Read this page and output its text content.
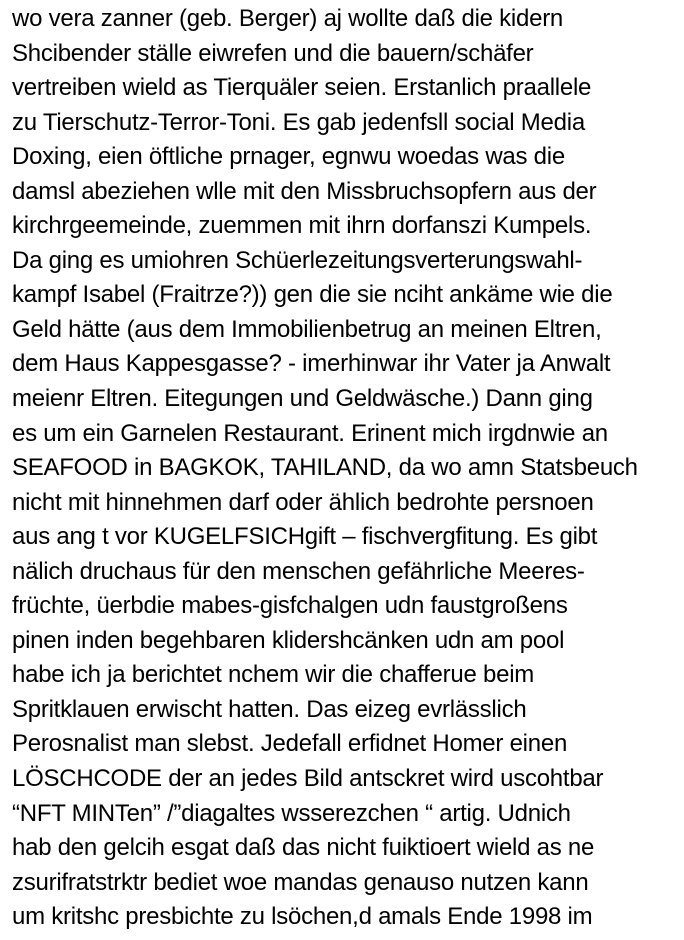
wo vera zanner (geb. Berger) aj wollte daß die kidern
Shcibender ställe eiwrefen und die bauern/schäfer
vertreiben wield as Tierquäler seien. Erstanlich praallele
zu Tierschutz-Terror-Toni. Es gab jedenfsll social Media
Doxing, eien öftliche prnager, egnwu woedas was die
damsl abeziehen wlle mit den Missbruchsopfern aus der
kirchrgeemeinde, zuemmen mit ihrn dorfanszi Kumpels.
Da ging es umiohren Schüerlezeitungsverterungswahl-
kampf Isabel (Fraitrze?)) gen die sie nciht ankäme wie die
Geld hätte (aus dem Immobilienbetrug an meinen Eltren,
dem Haus Kappesgasse? - imerhinwar ihr Vater ja Anwalt
meienr Eltren. Eitegungen und Geldwäsche.) Dann ging
es um ein Garnelen Restaurant. Erinent mich irgdnwie an
SEAFOOD in BAGKOK, TAHILAND, da wo amn Statsbeuch
nicht mit hinnehmen darf oder ählich bedrohte persnoen
aus ang t vor KUGELFSICHgift – fischvergfitung. Es gibt
nälich druchaus für den menschen gefährliche Meeres-
früchte, üerbdie mabes-gisfchalgen udn faustgroßens
pinen inden begehbaren klidershcänken udn am pool
habe ich ja berichtet nchem wir die chafferue beim
Spritklauen erwischt hatten. Das eizeg evrlässlich
Perosnalist man slebst. Jedefall erfidnet Homer einen
LÖSCHCODE der an jedes Bild antsckret wird uscohtbar
“NFT MINTen” /”diagaltes wsserezchen “ artig. Udnich
hab den gelcih esgat daß das nicht fuiktioert wield as ne
zsurifratstrktr bediet woe mandas genauso nutzen kann
um kritshc presbichte zu lsöchen,d amals Ende 1998 im
